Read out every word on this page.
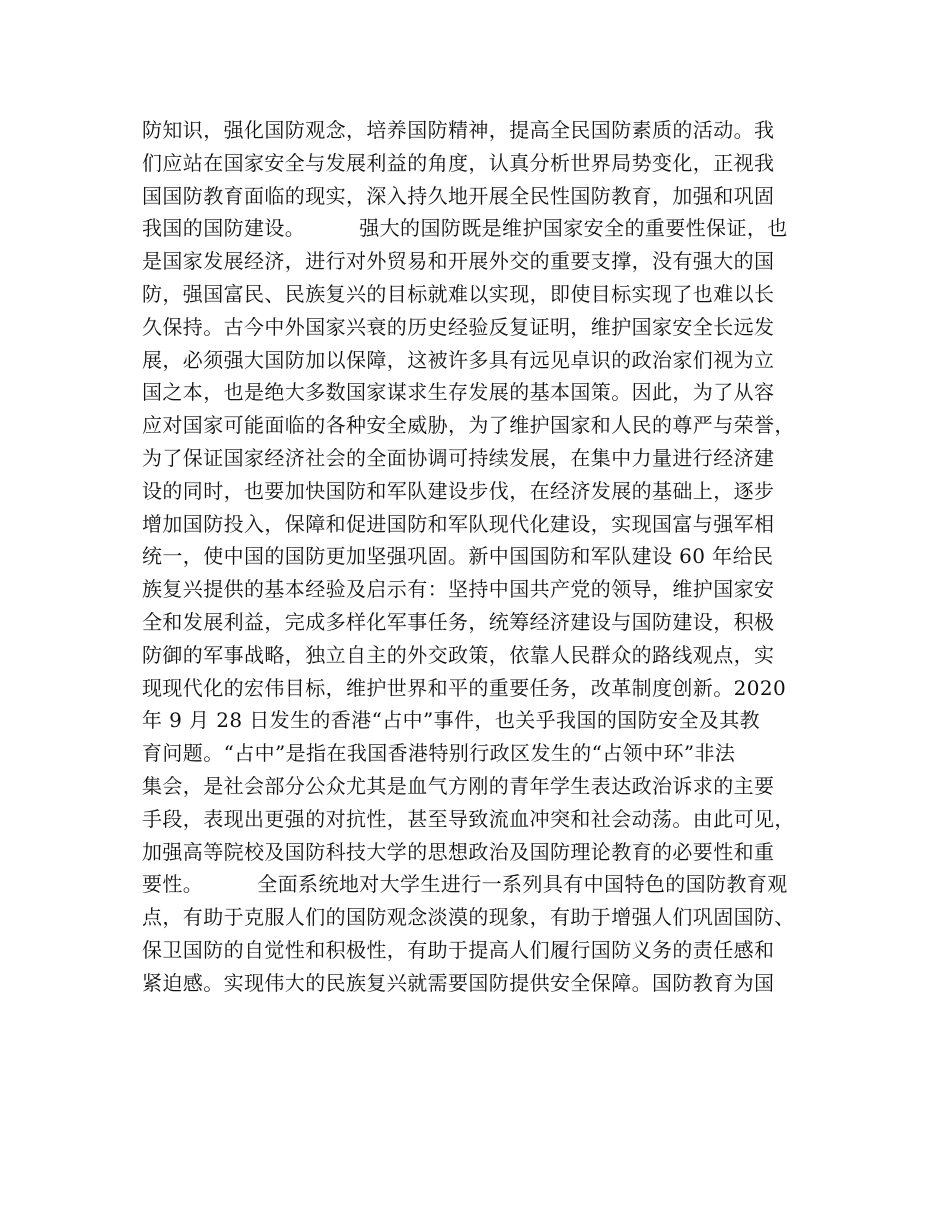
防知识，强化国防观念，培养国防精神，提高全民国防素质的活动。我
们应站在国家安全与发展利益的角度，认真分析世界局势变化，正视我
国国防教育面临的现实，深入持久地开展全民性国防教育，加强和巩固
我国的国防建设。        强大的国防既是维护国家安全的重要性保证，也
是国家发展经济，进行对外贸易和开展外交的重要支撑，没有强大的国
防，强国富民、民族复兴的目标就难以实现，即使目标实现了也难以长
久保持。古今中外国家兴衰的历史经验反复证明，维护国家安全长远发
展，必须强大国防加以保障，这被许多具有远见卓识的政治家们视为立
国之本，也是绝大多数国家谋求生存发展的基本国策。因此，为了从容
应对国家可能面临的各种安全威胁，为了维护国家和人民的尊严与荣誉，
为了保证国家经济社会的全面协调可持续发展，在集中力量进行经济建
设的同时，也要加快国防和军队建设步伐，在经济发展的基础上，逐步
增加国防投入，保障和促进国防和军队现代化建设，实现国富与强军相
统一，使中国的国防更加坚强巩固。新中国国防和军队建设 60 年给民
族复兴提供的基本经验及启示有：坚持中国共产党的领导，维护国家安
全和发展利益，完成多样化军事任务，统筹经济建设与国防建设，积极
防御的军事战略，独立自主的外交政策，依靠人民群众的路线观点，实
现现代化的宏伟目标，维护世界和平的重要任务，改革制度创新。2020
年 9 月 28 日发生的香港“占中”事件，也关乎我国的国防安全及其教
育问题。“占中”是指在我国香港特别行政区发生的“占领中环”非法
集会，是社会部分公众尤其是血气方刚的青年学生表达政治诉求的主要
手段，表现出更强的对抗性，甚至导致流血冲突和社会动荡。由此可见，
加强高等院校及国防科技大学的思想政治及国防理论教育的必要性和重
要性。        全面系统地对大学生进行一系列具有中国特色的国防教育观
点，有助于克服人们的国防观念淡漠的现象，有助于增强人们巩固国防、
保卫国防的自觉性和积极性，有助于提高人们履行国防义务的责任感和
紧迫感。实现伟大的民族复兴就需要国防提供安全保障。国防教育为国
